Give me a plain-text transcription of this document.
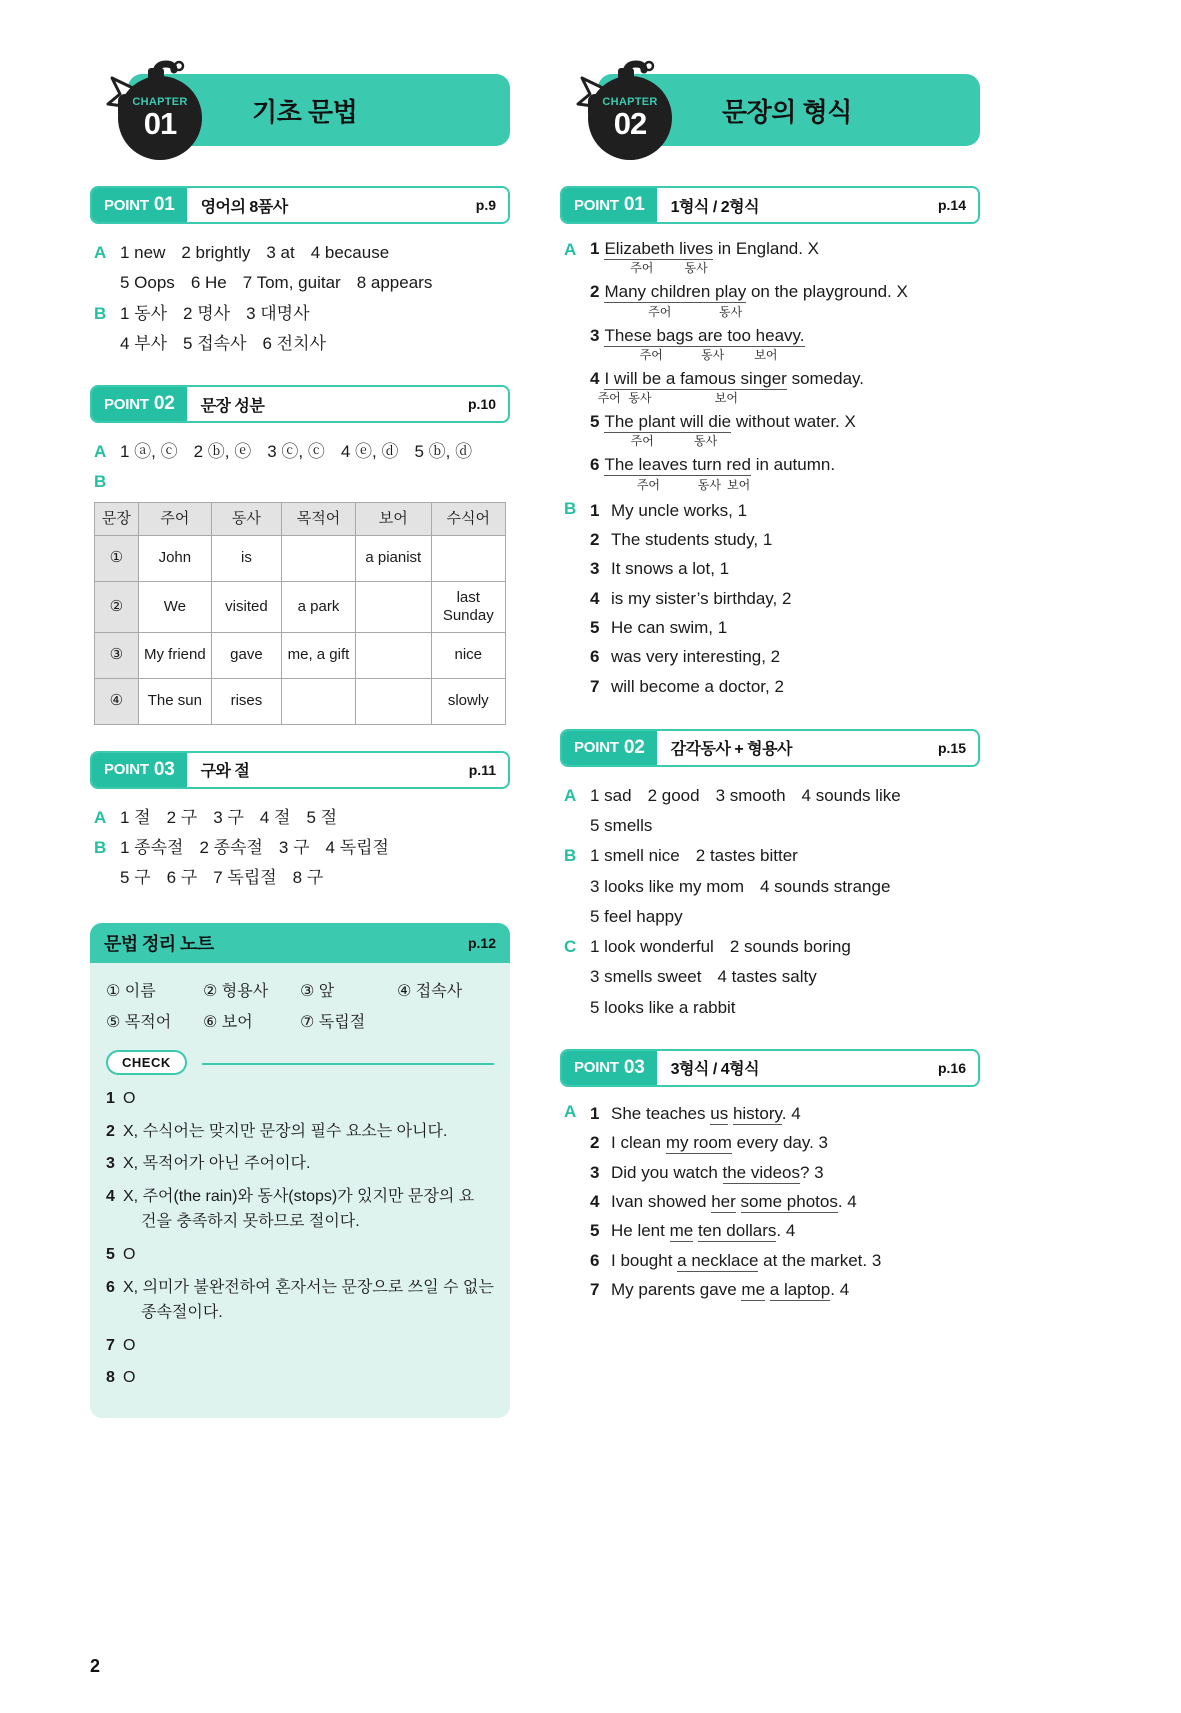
기초 문법
CHAPTER
01
POINT 01	영어의 8품사	p.9
A 1 new 2 brightly 3 at 4 because
5 Oops 6 He 7 Tom, guitar 8 appears
B 1 동사 2 명사 3 대명사
4 부사 5 접속사 6 전치사
POINT 02	문장 성분	p.10
A 1 ⓐ, ⓒ 2 ⓑ, ⓔ 3 ⓒ, ⓒ 4 ⓔ, ⓓ 5 ⓑ, ⓓ
B
문장	주어	동사	목적어	보어	수식어
①	John	is		a pianist	
②	We	visited	a park		last Sunday
③	My friend	gave	me, a gift		nice
④	The sun	rises			slowly
POINT 03	구와 절	p.11
A 1 절 2 구 3 구 4 절 5 절
B 1 종속절 2 종속절 3 구 4 독립절
5 구 6 구 7 독립절 8 구
문법 정리 노트	p.12
① 이름	② 형용사	③ 앞	④ 접속사
⑤ 목적어	⑥ 보어	⑦ 독립절
CHECK
1 O
2 X, 수식어는 맞지만 문장의 필수 요소는 아니다.
3 X, 목적어가 아닌 주어이다.
4 X, 주어(the rain)와 동사(stops)가 있지만 문장의 요
건을 충족하지 못하므로 절이다.
5 O
6 X, 의미가 불완전하여 혼자서는 문장으로 쓰일 수 없는
종속절이다.
7 O
8 O
문장의 형식
CHAPTER
02
POINT 01	1형식 / 2형식	p.14
A 1 Elizabeth lives in England. X
주어	동사
2 Many children play on the playground. X
주어	동사
3 These bags are too heavy.
주어	동사	보어
4 I will be a famous singer someday.
주어 동사	보어
5 The plant will die without water. X
주어	동사
6 The leaves turn red in autumn.
주어	동사 보어
B 1 My uncle works, 1
2 The students study, 1
3 It snows a lot, 1
4 is my sister’s birthday, 2
5 He can swim, 1
6 was very interesting, 2
7 will become a doctor, 2
POINT 02	감각동사 + 형용사	p.15
A 1 sad 2 good 3 smooth 4 sounds like
5 smells
B 1 smell nice 2 tastes bitter
3 looks like my mom 4 sounds strange
5 feel happy
C 1 look wonderful 2 sounds boring
3 smells sweet 4 tastes salty
5 looks like a rabbit
POINT 03	3형식 / 4형식	p.16
A 1 She teaches us history. 4
2 I clean my room every day. 3
3 Did you watch the videos? 3
4 Ivan showed her some photos. 4
5 He lent me ten dollars. 4
6 I bought a necklace at the market. 3
7 My parents gave me a laptop. 4
2
